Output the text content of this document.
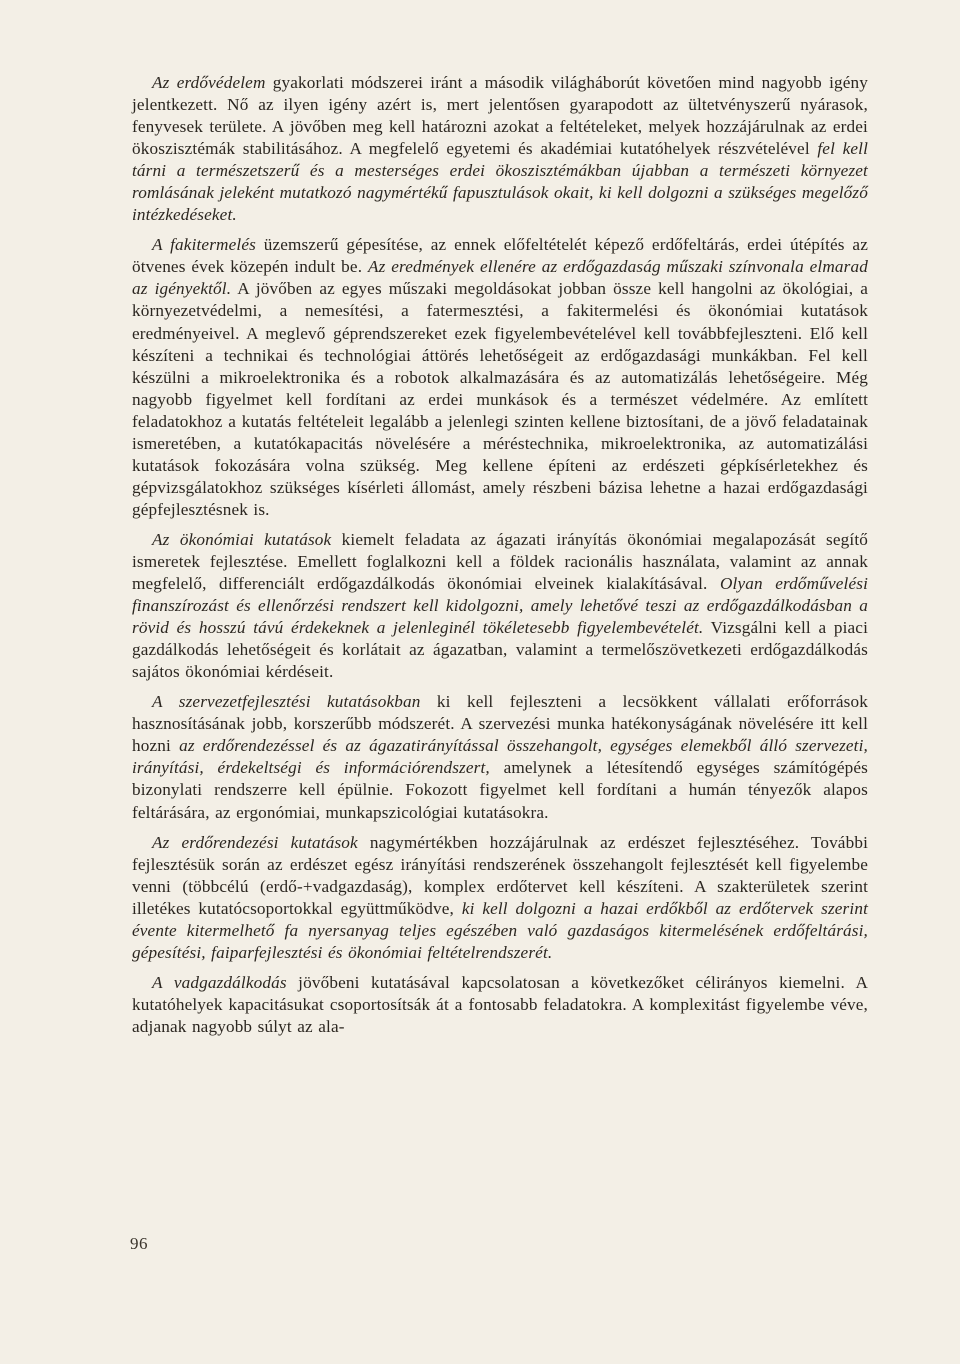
Az erdővédelem gyakorlati módszerei iránt a második világháborút követően mind nagyobb igény jelentkezett. Nő az ilyen igény azért is, mert jelentősen gyarapodott az ültetvényszerű nyárasok, fenyvesek területe. A jövőben meg kell határozni azokat a feltételeket, melyek hozzájárulnak az erdei ökoszisztémák stabilitásához. A megfelelő egyetemi és akadémiai kutatóhelyek részvételével fel kell tárni a természetszerű és a mesterséges erdei ökoszisztémákban újabban a természeti környezet romlásának jeleként mutatkozó nagymértékű fapusztulások okait, ki kell dolgozni a szükséges megelőző intézkedéseket.

A fakitermelés üzemszerű gépesítése, az ennek előfeltételét képező erdőfeltárás, erdei útépítés az ötvenes évek közepén indult be. Az eredmények ellenére az erdőgazdaság műszaki színvonala elmarad az igényektől. A jövőben az egyes műszaki megoldásokat jobban össze kell hangolni az ökológiai, a környezetvédelmi, a nemesítési, a fatermesztési, a fakitermelési és ökonómiai kutatások eredményeivel. A meglevő géprendszereket ezek figyelembevételével kell továbbfejleszteni. Elő kell készíteni a technikai és technológiai áttörés lehetőségeit az erdőgazdasági munkákban. Fel kell készülni a mikroelektronika és a robotok alkalmazására és az automatizálás lehetőségeire. Még nagyobb figyelmet kell fordítani az erdei munkások és a természet védelmére. Az említett feladatokhoz a kutatás feltételeit legalább a jelenlegi szinten kellene biztosítani, de a jövő feladatainak ismeretében, a kutatókapacitás növelésére a méréstechnika, mikroelektronika, az automatizálási kutatások fokozására volna szükség. Meg kellene építeni az erdészeti gépkísérletekhez és gépvizsgálatokhoz szükséges kísérleti állomást, amely részbeni bázisa lehetne a hazai erdőgazdasági gépfejlesztésnek is.

Az ökonómiai kutatások kiemelt feladata az ágazati irányítás ökonómiai megalapozását segítő ismeretek fejlesztése. Emellett foglalkozni kell a földek racionális használata, valamint az annak megfelelő, differenciált erdőgazdálkodás ökonómiai elveinek kialakításával. Olyan erdőművelési finanszírozást és ellenőrzési rendszert kell kidolgozni, amely lehetővé teszi az erdőgazdálkodásban a rövid és hosszú távú érdekeknek a jelenleginél tökéletesebb figyelembevételét. Vizsgálni kell a piaci gazdálkodás lehetőségeit és korlátait az ágazatban, valamint a termelőszövetkezeti erdőgazdálkodás sajátos ökonómiai kérdéseit.

A szervezetfejlesztési kutatásokban ki kell fejleszteni a lecsökkent vállalati erőforrások hasznosításának jobb, korszerűbb módszerét. A szervezési munka hatékonyságának növelésére itt kell hozni az erdőrendezéssel és az ágazatirányítással összehangolt, egységes elemekből álló szervezeti, irányítási, érdekeltségi és információrendszert, amelynek a létesítendő egységes számítógépés bizonylati rendszerre kell épülnie. Fokozott figyelmet kell fordítani a humán tényezők alapos feltárására, az ergonómiai, munkapszicológiai kutatásokra.

Az erdőrendezési kutatások nagymértékben hozzájárulnak az erdészet fejlesztéséhez. További fejlesztésük során az erdészet egész irányítási rendszerének összehangolt fejlesztését kell figyelembe venni (többcélú (erdő-+vadgazdaság), komplex erdőtervet kell készíteni. A szakterületek szerint illetékes kutatócsoportokkal együttműködve, ki kell dolgozni a hazai erdőkből az erdőtervek szerint évente kitermelhető fa nyersanyag teljes egészében való gazdaságos kitermelésének erdőfeltárási, gépesítési, faiparfejlesztési és ökonómiai feltételrendszerét.

A vadgazdálkodás jövőbeni kutatásával kapcsolatosan a következőket célirányos kiemelni. A kutatóhelyek kapacitásukat csoportosítsák át a fontosabb feladatokra. A komplexitást figyelembe véve, adjanak nagyobb súlyt az ala-

96
